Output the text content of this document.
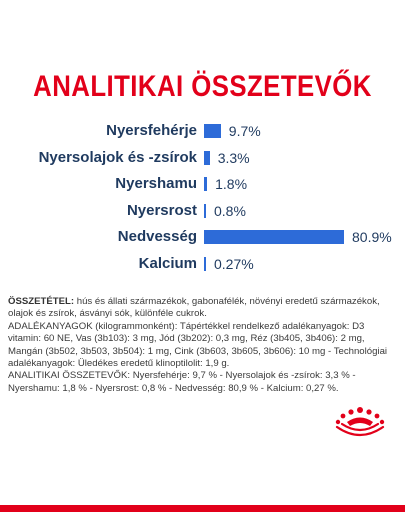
ANALITIKAI ÖSSZETEVŐK
Nyersfehérje 9.7%
Nyersolajok és -zsírok 3.3%
Nyershamu 1.8%
Nyersrost 0.8%
Nedvesség	80.9%
Kalcium 0.27%

ÖSSZETÉTEL: hús és állati származékok, gabonafélék, növényi eredetű származékok, olajok és zsírok, ásványi sók, különféle cukrok.

ADALÉKANYAGOK (kilogrammonként): Tápértékkel rendelkező adalékanyagok: D3 vitamin: 60 NE, Vas (3b103): 3 mg, Jód (3b202): 0,3 mg, Réz (3b405, 3b406): 2 mg, Mangán (3b502, 3b503, 3b504): 1 mg, Cink (3b603, 3b605, 3b606): 10 mg - Technológiai adalékanyagok: Üledékes eredetű klinoptilolit: 1,9 g.

ANALITIKAI ÖSSZETEVŐK: Nyersfehérje: 9,7 % - Nyersolajok és -zsírok: 3,3 % - Nyershamu: 1,8 % - Nyersrost: 0,8 % - Nedvesség: 80,9 % - Kalcium: 0,27 %.
